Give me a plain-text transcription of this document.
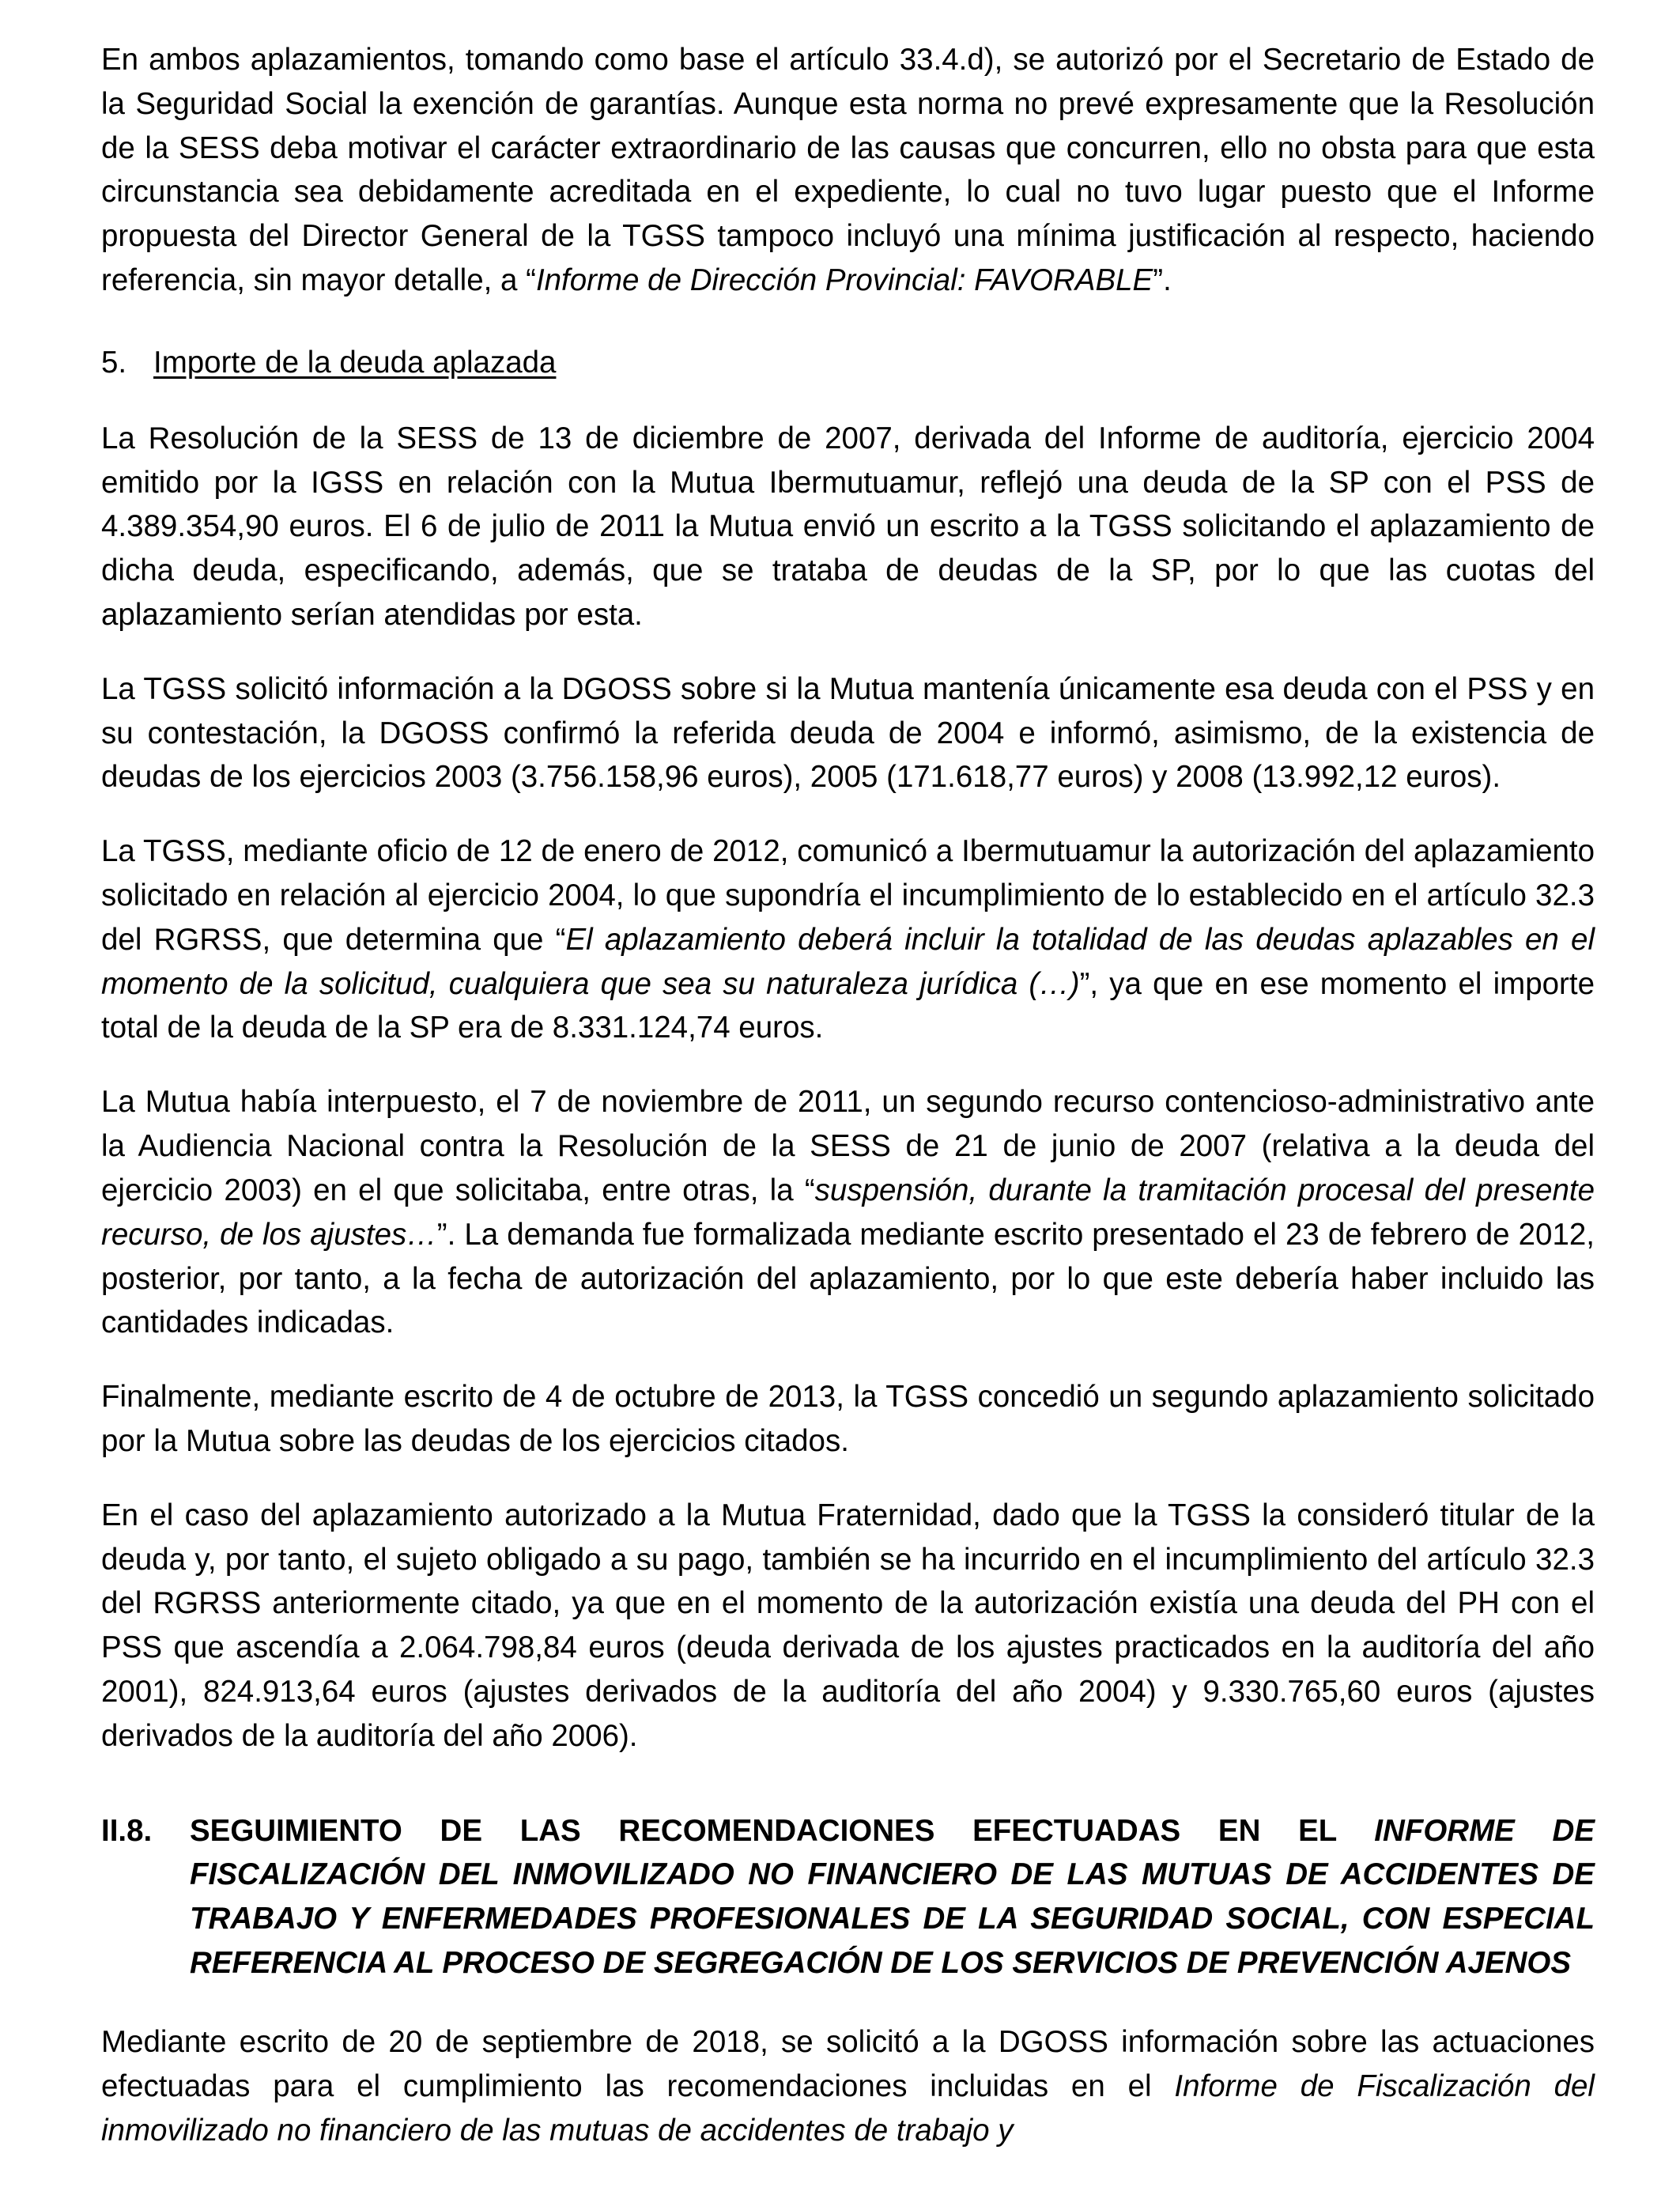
En ambos aplazamientos, tomando como base el artículo 33.4.d), se autorizó por el Secretario de Estado de la Seguridad Social la exención de garantías. Aunque esta norma no prevé expresamente que la Resolución de la SESS deba motivar el carácter extraordinario de las causas que concurren, ello no obsta para que esta circunstancia sea debidamente acreditada en el expediente, lo cual no tuvo lugar puesto que el Informe propuesta del Director General de la TGSS tampoco incluyó una mínima justificación al respecto, haciendo referencia, sin mayor detalle, a “Informe de Dirección Provincial: FAVORABLE”.

5. Importe de la deuda aplazada

La Resolución de la SESS de 13 de diciembre de 2007, derivada del Informe de auditoría, ejercicio 2004 emitido por la IGSS en relación con la Mutua Ibermutuamur, reflejó una deuda de la SP con el PSS de 4.389.354,90 euros. El 6 de julio de 2011 la Mutua envió un escrito a la TGSS solicitando el aplazamiento de dicha deuda, especificando, además, que se trataba de deudas de la SP, por lo que las cuotas del aplazamiento serían atendidas por esta.

La TGSS solicitó información a la DGOSS sobre si la Mutua mantenía únicamente esa deuda con el PSS y en su contestación, la DGOSS confirmó la referida deuda de 2004 e informó, asimismo, de la existencia de deudas de los ejercicios 2003 (3.756.158,96 euros), 2005 (171.618,77 euros) y 2008 (13.992,12 euros).

La TGSS, mediante oficio de 12 de enero de 2012, comunicó a Ibermutuamur la autorización del aplazamiento solicitado en relación al ejercicio 2004, lo que supondría el incumplimiento de lo establecido en el artículo 32.3 del RGRSS, que determina que “El aplazamiento deberá incluir la totalidad de las deudas aplazables en el momento de la solicitud, cualquiera que sea su naturaleza jurídica (…)”, ya que en ese momento el importe total de la deuda de la SP era de 8.331.124,74 euros.

La Mutua había interpuesto, el 7 de noviembre de 2011, un segundo recurso contencioso-administrativo ante la Audiencia Nacional contra la Resolución de la SESS de 21 de junio de 2007 (relativa a la deuda del ejercicio 2003) en el que solicitaba, entre otras, la “suspensión, durante la tramitación procesal del presente recurso, de los ajustes…”. La demanda fue formalizada mediante escrito presentado el 23 de febrero de 2012, posterior, por tanto, a la fecha de autorización del aplazamiento, por lo que este debería haber incluido las cantidades indicadas.

Finalmente, mediante escrito de 4 de octubre de 2013, la TGSS concedió un segundo aplazamiento solicitado por la Mutua sobre las deudas de los ejercicios citados.

En el caso del aplazamiento autorizado a la Mutua Fraternidad, dado que la TGSS la consideró titular de la deuda y, por tanto, el sujeto obligado a su pago, también se ha incurrido en el incumplimiento del artículo 32.3 del RGRSS anteriormente citado, ya que en el momento de la autorización existía una deuda del PH con el PSS que ascendía a 2.064.798,84 euros (deuda derivada de los ajustes practicados en la auditoría del año 2001), 824.913,64 euros (ajustes derivados de la auditoría del año 2004) y 9.330.765,60 euros (ajustes derivados de la auditoría del año 2006).

II.8.	SEGUIMIENTO DE LAS RECOMENDACIONES EFECTUADAS EN EL INFORME DE FISCALIZACIÓN DEL INMOVILIZADO NO FINANCIERO DE LAS MUTUAS DE ACCIDENTES DE TRABAJO Y ENFERMEDADES PROFESIONALES DE LA SEGURIDAD SOCIAL, CON ESPECIAL REFERENCIA AL PROCESO DE SEGREGACIÓN DE LOS SERVICIOS DE PREVENCIÓN AJENOS

Mediante escrito de 20 de septiembre de 2018, se solicitó a la DGOSS información sobre las actuaciones efectuadas para el cumplimiento las recomendaciones incluidas en el Informe de Fiscalización del inmovilizado no financiero de las mutuas de accidentes de trabajo y
